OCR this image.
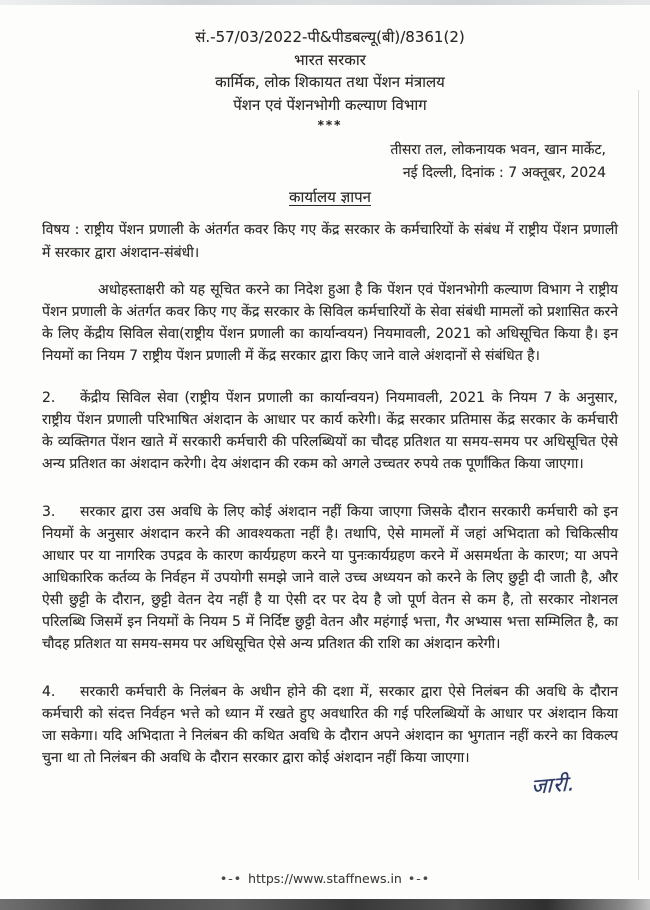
सं.-57/03/2022-पी&पीडबल्यू(बी)/8361(2)
भारत सरकार
कार्मिक, लोक शिकायत तथा पेंशन मंत्रालय
पेंशन एवं पेंशनभोगी कल्याण विभाग
***
तीसरा तल, लोकनायक भवन, खान मार्केट,
नई दिल्ली, दिनांक : 7 अक्तूबर, 2024
कार्यालय ज्ञापन

विषय : राष्ट्रीय पेंशन प्रणाली के अंतर्गत कवर किए गए केंद्र सरकार के कर्मचारियों के संबंध में राष्ट्रीय पेंशन प्रणाली में सरकार द्वारा अंशदान-संबंधी।

अधोहस्ताक्षरी को यह सूचित करने का निदेश हुआ है कि पेंशन एवं पेंशनभोगी कल्याण विभाग ने राष्ट्रीय पेंशन प्रणाली के अंतर्गत कवर किए गए केंद्र सरकार के सिविल कर्मचारियों के सेवा संबंधी मामलों को प्रशासित करने के लिए केंद्रीय सिविल सेवा(राष्ट्रीय पेंशन प्रणाली का कार्यान्वयन) नियमावली, 2021 को अधिसूचित किया है। इन नियमों का नियम 7 राष्ट्रीय पेंशन प्रणाली में केंद्र सरकार द्वारा किए जाने वाले अंशदानों से संबंधित है।

2. केंद्रीय सिविल सेवा (राष्ट्रीय पेंशन प्रणाली का कार्यान्वयन) नियमावली, 2021 के नियम 7 के अनुसार, राष्ट्रीय पेंशन प्रणाली परिभाषित अंशदान के आधार पर कार्य करेगी। केंद्र सरकार प्रतिमास केंद्र सरकार के कर्मचारी के व्यक्तिगत पेंशन खाते में सरकारी कर्मचारी की परिलब्धियों का चौदह प्रतिशत या समय-समय पर अधिसूचित ऐसे अन्य प्रतिशत का अंशदान करेगी। देय अंशदान की रकम को अगले उच्चतर रुपये तक पूर्णांकित किया जाएगा।

3. सरकार द्वारा उस अवधि के लिए कोई अंशदान नहीं किया जाएगा जिसके दौरान सरकारी कर्मचारी को इन नियमों के अनुसार अंशदान करने की आवश्यकता नहीं है। तथापि, ऐसे मामलों में जहां अभिदाता को चिकित्सीय आधार पर या नागरिक उपद्रव के कारण कार्यग्रहण करने या पुनःकार्यग्रहण करने में असमर्थता के कारण; या अपने आधिकारिक कर्तव्य के निर्वहन में उपयोगी समझे जाने वाले उच्च अध्ययन को करने के लिए छुट्टी दी जाती है, और ऐसी छुट्टी के दौरान, छुट्टी वेतन देय नहीं है या ऐसी दर पर देय है जो पूर्ण वेतन से कम है, तो सरकार नोशनल परिलब्धि जिसमें इन नियमों के नियम 5 में निर्दिष्ट छुट्टी वेतन और महंगाई भत्ता, गैर अभ्यास भत्ता सम्मिलित है, का चौदह प्रतिशत या समय-समय पर अधिसूचित ऐसे अन्य प्रतिशत की राशि का अंशदान करेगी।

4. सरकारी कर्मचारी के निलंबन के अधीन होने की दशा में, सरकार द्वारा ऐसे निलंबन की अवधि के दौरान कर्मचारी को संदत्त निर्वहन भत्ते को ध्यान में रखते हुए अवधारित की गई परिलब्धियों के आधार पर अंशदान किया जा सकेगा। यदि अभिदाता ने निलंबन की कथित अवधि के दौरान अपने अंशदान का भुगतान नहीं करने का विकल्प चुना था तो निलंबन की अवधि के दौरान सरकार द्वारा कोई अंशदान नहीं किया जाएगा।

जारी.
•-• https://www.staffnews.in •-•
